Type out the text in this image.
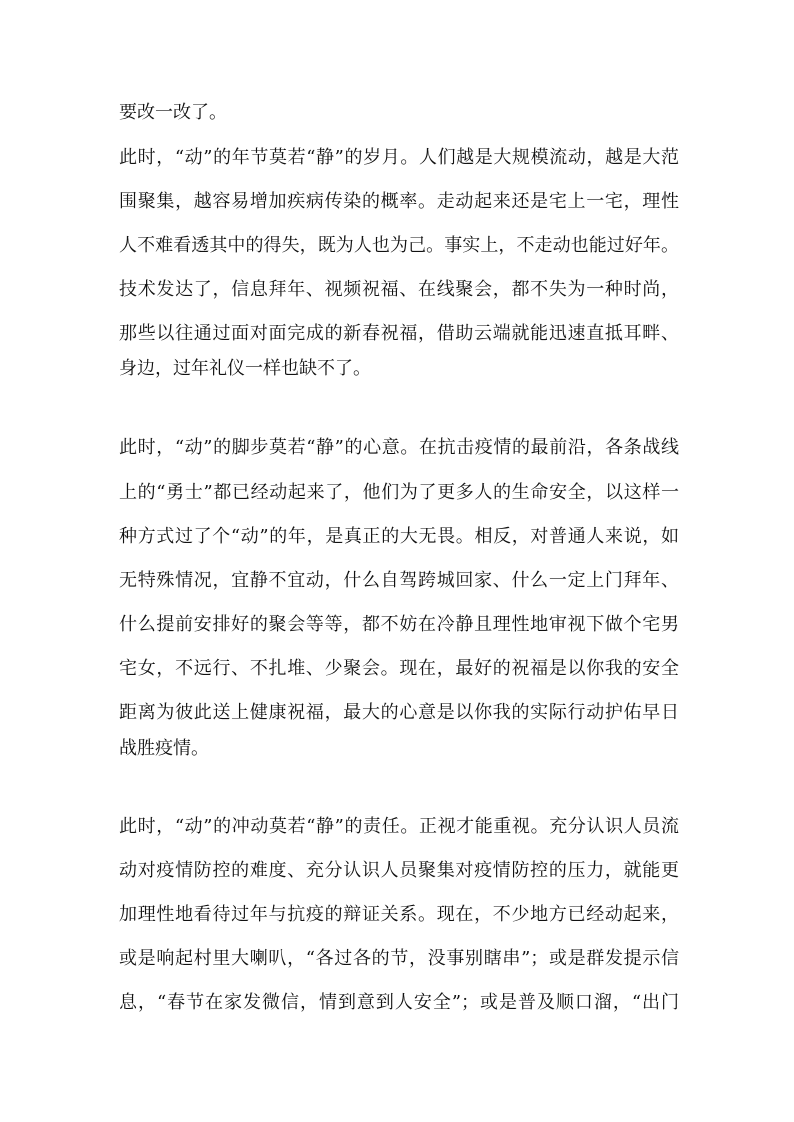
要改一改了。
此时，“动”的年节莫若“静”的岁月。人们越是大规模流动，越是大范
围聚集，越容易增加疾病传染的概率。走动起来还是宅上一宅，理性
人不难看透其中的得失，既为人也为己。事实上，不走动也能过好年。
技术发达了，信息拜年、视频祝福、在线聚会，都不失为一种时尚，
那些以往通过面对面完成的新春祝福，借助云端就能迅速直抵耳畔、
身边，过年礼仪一样也缺不了。
此时，“动”的脚步莫若“静”的心意。在抗击疫情的最前沿，各条战线
上的“勇士”都已经动起来了，他们为了更多人的生命安全，以这样一
种方式过了个“动”的年，是真正的大无畏。相反，对普通人来说，如
无特殊情况，宜静不宜动，什么自驾跨城回家、什么一定上门拜年、
什么提前安排好的聚会等等，都不妨在冷静且理性地审视下做个宅男
宅女，不远行、不扎堆、少聚会。现在，最好的祝福是以你我的安全
距离为彼此送上健康祝福，最大的心意是以你我的实际行动护佑早日
战胜疫情。
此时，“动”的冲动莫若“静”的责任。正视才能重视。充分认识人员流
动对疫情防控的难度、充分认识人员聚集对疫情防控的压力，就能更
加理性地看待过年与抗疫的辩证关系。现在，不少地方已经动起来，
或是响起村里大喇叭，“各过各的节，没事别瞎串”；或是群发提示信
息，“春节在家发微信，情到意到人安全”；或是普及顺口溜，“出门
